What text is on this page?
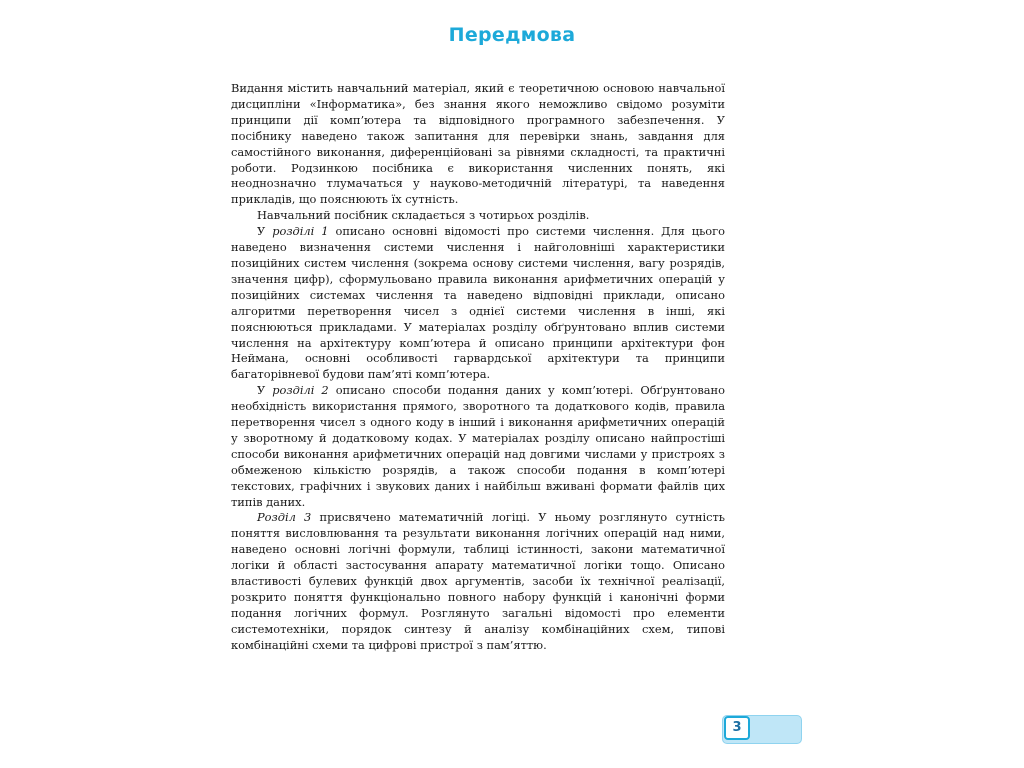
Передмова

Видання містить навчальний матеріал, який є теоретичною основою навчальної дисципліни «Інформатика», без знання якого неможливо свідомо розуміти принципи дії комп’ютера та відповідного програмного забезпечення. У посібнику наведено також запитання для перевірки знань, завдання для самостійного виконання, диференційовані за рівнями складності, та практичні роботи. Родзинкою посібника є використання численних понять, які неоднозначно тлумачаться у науково-методичній літературі, та наведення прикладів, що пояснюють їх сутність.

Навчальний посібник складається з чотирьох розділів.

У розділі 1 описано основні відомості про системи числення. Для цього наведено визначення системи числення і найголовніші характеристики позиційних систем числення (зокрема основу системи числення, вагу розрядів, значення цифр), сформульовано правила виконання арифметичних операцій у позиційних системах числення та наведено відповідні приклади, описано алгоритми перетворення чисел з однієї системи числення в інші, які пояснюються прикладами. У матеріалах розділу обґрунтовано вплив системи числення на архітектуру комп’ютера й описано принципи архітектури фон Неймана, основні особливості гарвардської архітектури та принципи багаторівневої будови пам’яті комп’ютера.

У розділі 2 описано способи подання даних у комп’ютері. Обґрунтовано необхідність використання прямого, зворотного та додаткового кодів, правила перетворення чисел з одного коду в інший і виконання арифметичних операцій у зворотному й додатковому кодах. У матеріалах розділу описано найпростіші способи виконання арифметичних операцій над довгими числами у пристроях з обмеженою кількістю розрядів, а також способи подання в комп’ютері текстових, графічних і звукових даних і найбільш вживані формати файлів цих типів даних.

Розділ 3 присвячено математичній логіці. У ньому розглянуто сутність поняття висловлювання та результати виконання логічних операцій над ними, наведено основні логічні формули, таблиці істинності, закони математичної логіки й області застосування апарату математичної логіки тощо. Описано властивості булевих функцій двох аргументів, засоби їх технічної реалізації, розкрито поняття функціонально повного набору функцій і канонічні форми подання логічних формул. Розглянуто загальні відомості про елементи системотехніки, порядок синтезу й аналізу комбінаційних схем, типові комбінаційні схеми та цифрові пристрої з пам’яттю.

3
